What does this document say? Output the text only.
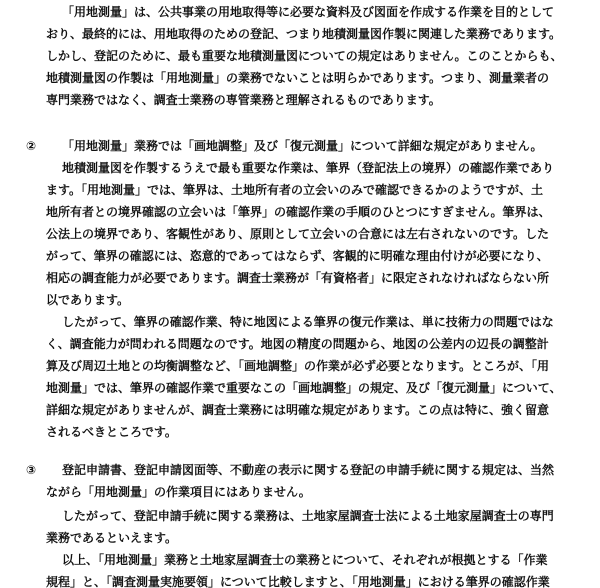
「用地測量」は、公共事業の用地取得等に必要な資料及び図面を作成する作業を目的として
おり、最終的には、用地取得のための登記、つまり地積測量図作製に関連した業務であります。
しかし、登記のために、最も重要な地積測量図についての規定はありません。このことからも、
地積測量図の作製は「用地測量」の業務でないことは明らかであります。つまり、測量業者の
専門業務ではなく、調査士業務の専管業務と理解されるものであります。
② 「用地測量」業務では「画地調整」及び「復元測量」について詳細な規定がありません。
地積測量図を作製するうえで最も重要な作業は、筆界（登記法上の境界）の確認作業であり
ます。「用地測量」では、筆界は、土地所有者の立会いのみで確認できるかのようですが、土
地所有者との境界確認の立会いは「筆界」の確認作業の手順のひとつにすぎません。筆界は、
公法上の境界であり、客観性があり、原則として立会いの合意には左右されないのです。した
がって、筆界の確認には、恣意的であってはならず、客観的に明確な理由付けが必要になり、
相応の調査能力が必要であります。調査士業務が「有資格者」に限定されなければならない所
以であります。
したがって、筆界の確認作業、特に地図による筆界の復元作業は、単に技術力の問題ではな
く、調査能力が問われる問題なのです。地図の精度の問題から、地図の公差内の辺長の調整計
算及び周辺土地との均衡調整など、「画地調整」の作業が必ず必要となります。ところが、「用
地測量」では、筆界の確認作業で重要なこの「画地調整」の規定、及び「復元測量」について、
詳細な規定がありませんが、調査士業務には明確な規定があります。この点は特に、強く留意
されるべきところです。
③ 登記申請書、登記申請図面等、不動産の表示に関する登記の申請手続に関する規定は、当然
ながら「用地測量」の作業項目にはありません。
したがって、登記申請手続に関する業務は、土地家屋調査士法による土地家屋調査士の専門
業務であるといえます。
以上、「用地測量」業務と土地家屋調査士の業務とについて、それぞれが根拠とする「作業
規程」と、「調査測量実施要領」について比較しますと、「用地測量」における筆界の確認作業
